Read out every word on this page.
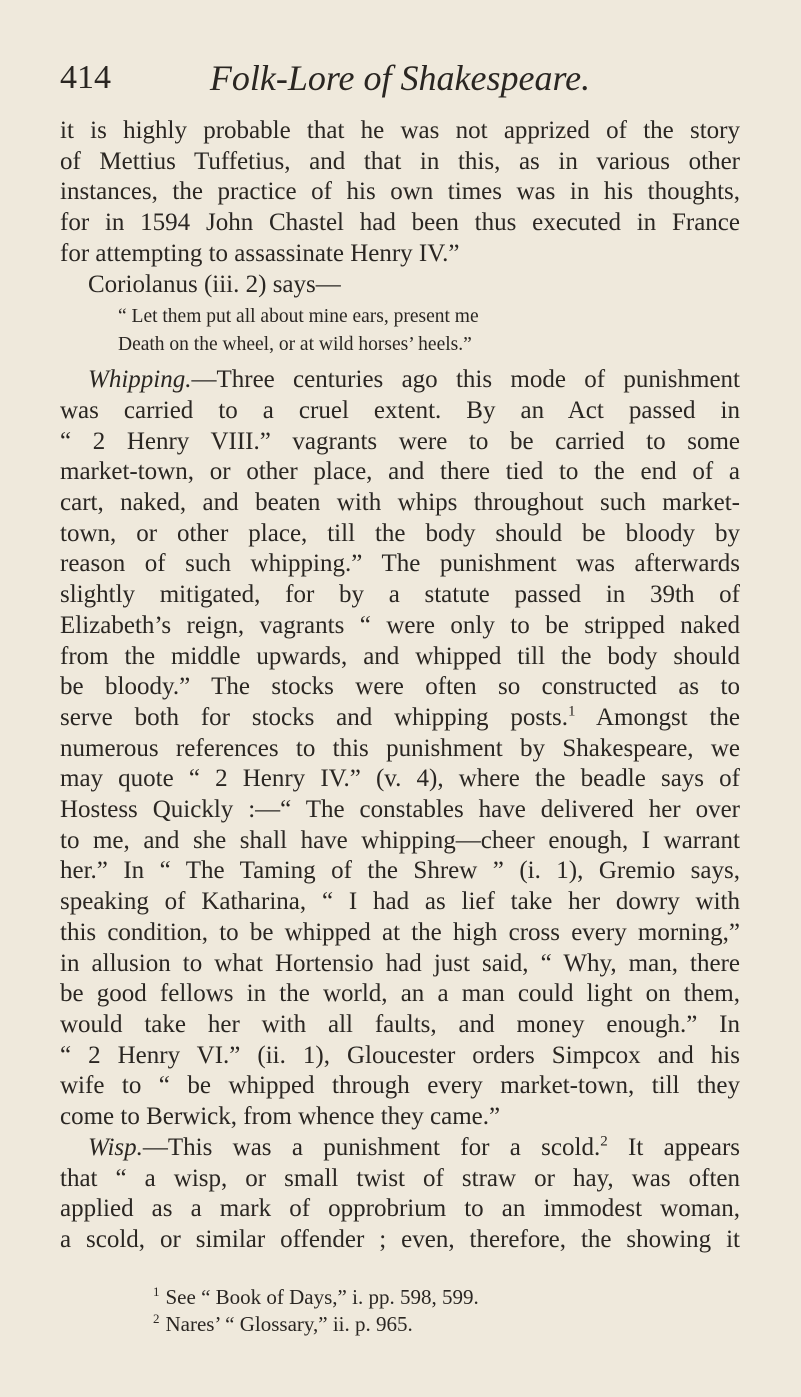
414	Folk-Lore of Shakespeare.
it is highly probable that he was not apprized of the story
of Mettius Tuffetius, and that in this, as in various other
instances, the practice of his own times was in his thoughts,
for in 1594 John Chastel had been thus executed in France
for attempting to assassinate Henry IV.”
Coriolanus (iii. 2) says—
“ Let them put all about mine ears, present me
Death on the wheel, or at wild horses’ heels.”
Whipping.—Three centuries ago this mode of punishment
was carried to a cruel extent. By an Act passed in
“ 2 Henry VIII.” vagrants were to be carried to some
market-town, or other place, and there tied to the end of a
cart, naked, and beaten with whips throughout such market-
town, or other place, till the body should be bloody by
reason of such whipping.” The punishment was afterwards
slightly mitigated, for by a statute passed in 39th of
Elizabeth’s reign, vagrants “ were only to be stripped naked
from the middle upwards, and whipped till the body should
be bloody.” The stocks were often so constructed as to
serve both for stocks and whipping posts.$^1$ Amongst the
numerous references to this punishment by Shakespeare, we
may quote “ 2 Henry IV.” (v. 4), where the beadle says of
Hostess Quickly :—“ The constables have delivered her over
to me, and she shall have whipping—cheer enough, I warrant
her.” In “ The Taming of the Shrew ” (i. 1), Gremio says,
speaking of Katharina, “ I had as lief take her dowry with
this condition, to be whipped at the high cross every morning,”
in allusion to what Hortensio had just said, “ Why, man, there
be good fellows in the world, an a man could light on them,
would take her with all faults, and money enough.” In
“ 2 Henry VI.” (ii. 1), Gloucester orders Simpcox and his
wife to “ be whipped through every market-town, till they
come to Berwick, from whence they came.”
Wisp.—This was a punishment for a scold.$^2$ It appears
that “ a wisp, or small twist of straw or hay, was often
applied as a mark of opprobrium to an immodest woman,
a scold, or similar offender ; even, therefore, the showing it
$^1$ See “ Book of Days,” i. pp. 598, 599.
$^2$ Nares’ “ Glossary,” ii. p. 965.
